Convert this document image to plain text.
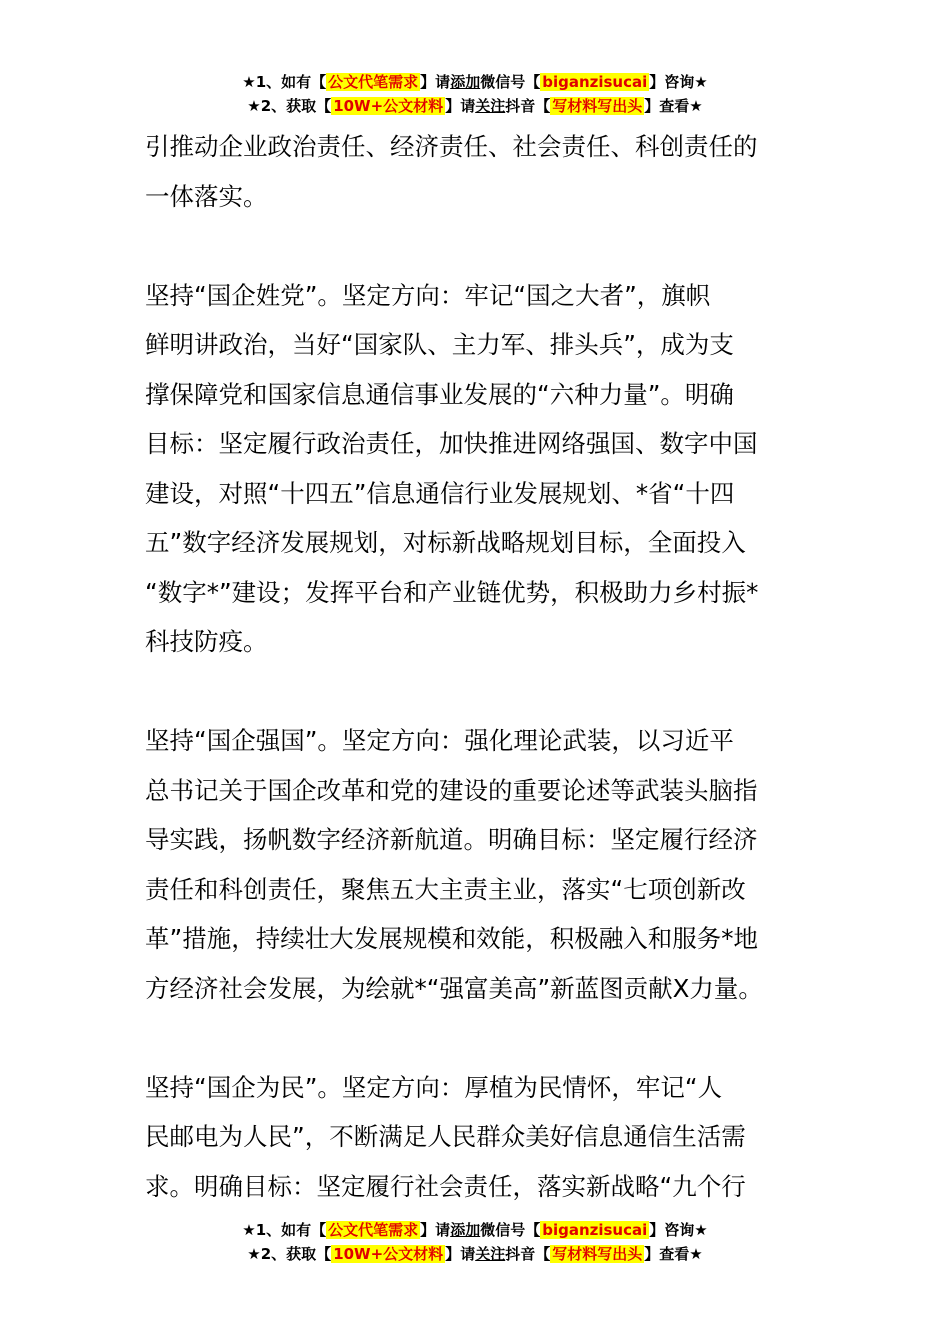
★1、如有【 公文代笔需求 】请添加微信号【 biganzisucai 】咨询★
★2、获取【 10W+公文材料 】请关注抖音【 写材料写出头 】查看★
引推动企业政治责任、经济责任、社会责任、科创责任的
一体落实。
坚持“国企姓党”。坚定方向：牢记“国之大者”，旗帜
鲜明讲政治，当好“国家队、主力军、排头兵”，成为支
撑保障党和国家信息通信事业发展的“六种力量”。明确
目标：坚定履行政治责任，加快推进网络强国、数字中国
建设，对照“十四五”信息通信行业发展规划、*省“十四
五”数字经济发展规划，对标新战略规划目标，全面投入
“数字*”建设；发挥平台和产业链优势，积极助力乡村振*
科技防疫。
坚持“国企强国”。坚定方向：强化理论武装，以习近平
总书记关于国企改革和党的建设的重要论述等武装头脑指
导实践，扬帆数字经济新航道。明确目标：坚定履行经济
责任和科创责任，聚焦五大主责主业，落实“七项创新改
革”措施，持续壮大发展规模和效能，积极融入和服务*地
方经济社会发展，为绘就*“强富美高”新蓝图贡献X力量。
坚持“国企为民”。坚定方向：厚植为民情怀，牢记“人
民邮电为人民”，不断满足人民群众美好信息通信生活需
求。明确目标：坚定履行社会责任，落实新战略“九个行
★1、如有【 公文代笔需求 】请添加微信号【 biganzisucai 】咨询★
★2、获取【 10W+公文材料 】请关注抖音【 写材料写出头 】查看★
